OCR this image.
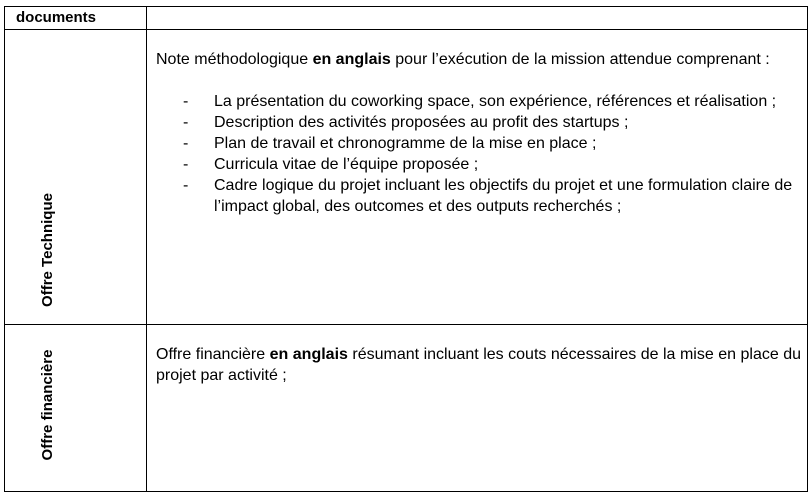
documents
Offre Technique
Note méthodologique en anglais pour l’exécution de la mission attendue comprenant :
- La présentation du coworking space, son expérience, références et réalisation ;
- Description des activités proposées au profit des startups ;
- Plan de travail et chronogramme de la mise en place ;
- Curricula vitae de l’équipe proposée ;
- Cadre logique du projet incluant les objectifs du projet et une formulation claire de l’impact global, des outcomes et des outputs recherchés ;
Offre financière	Offre financière en anglais résumant incluant les couts nécessaires de la mise en place du projet par activité ;
